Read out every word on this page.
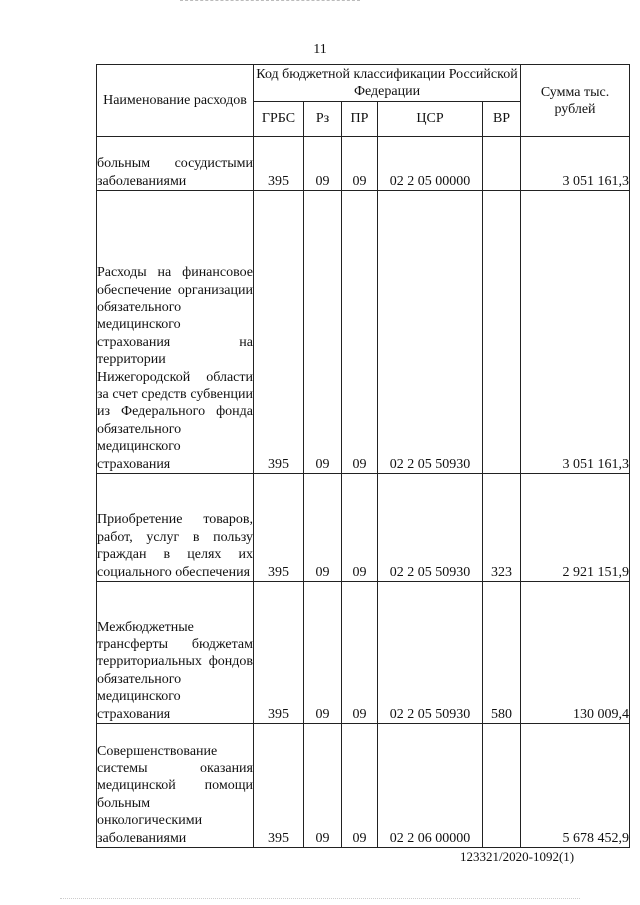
11
Наименование расходов	Код бюджетной классификации Российской Федерации					Сумма тыс. рублей
	ГРБС	Рз	ПР	ЦСР	ВР	
больным сосудистыми заболеваниями	395	09	09	02 2 05 00000		3 051 161,3
Расходы на финансовое обеспечение организации обязательного медицинского страхования на территории Нижегородской области за счет средств субвенции из Федерального фонда обязательного медицинского страхования	395	09	09	02 2 05 50930		3 051 161,3
Приобретение товаров, работ, услуг в пользу граждан в целях их социального обеспечения	395	09	09	02 2 05 50930	323	2 921 151,9
Межбюджетные трансферты бюджетам территориальных фондов обязательного медицинского страхования	395	09	09	02 2 05 50930	580	130 009,4
Совершенствование системы оказания медицинской помощи больным онкологическими заболеваниями	395	09	09	02 2 06 00000		5 678 452,9
123321/2020-1092(1)
